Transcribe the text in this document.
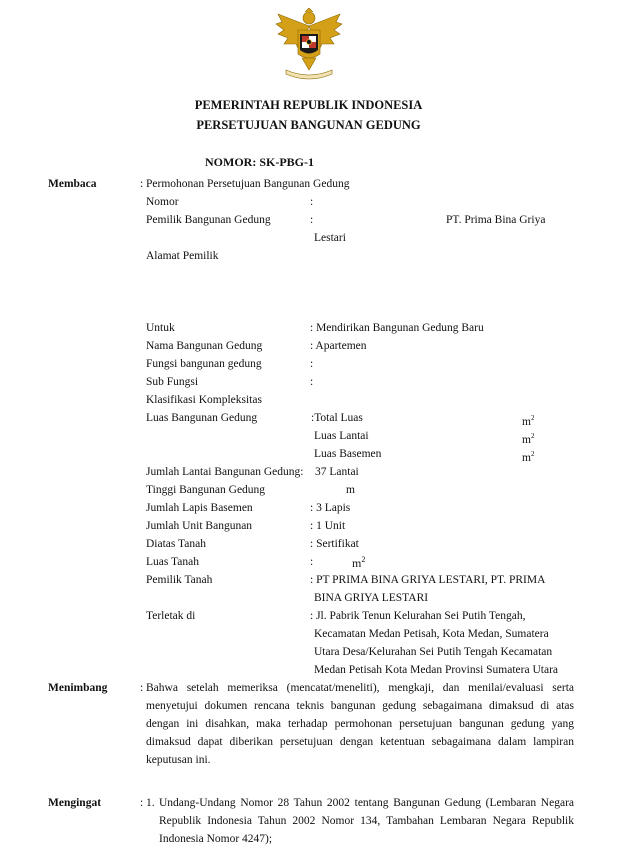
PEMERINTAH REPUBLIK INDONESIA
PERSETUJUAN BANGUNAN GEDUNG
NOMOR: SK-PBG-1
Membaca	: Permohonan Persetujuan Bangunan Gedung
Nomor	:
Pemilik Bangunan Gedung	:	PT. Prima Bina Griya
Lestari
Alamat Pemilik
Untuk	: Mendirikan Bangunan Gedung Baru
Nama Bangunan Gedung	: Apartemen
Fungsi bangunan gedung	:
Sub Fungsi	:
Klasifikasi Kompleksitas
Luas Bangunan Gedung	:Total Luas	$m^2$
Luas Lantai	$m^2$
Luas Basemen	$m^2$
Jumlah Lantai Bangunan Gedung: 37 Lantai
Tinggi Bangunan Gedung	m
Jumlah Lapis Basemen	: 3 Lapis
Jumlah Unit Bangunan	: 1 Unit
Diatas Tanah	: Sertifikat
Luas Tanah	:	$m^2$
Pemilik Tanah	: PT PRIMA BINA GRIYA LESTARI, PT. PRIMA
BINA GRIYA LESTARI
Terletak di	: Jl. Pabrik Tenun Kelurahan Sei Putih Tengah,
Kecamatan Medan Petisah, Kota Medan, Sumatera
Utara Desa/Kelurahan Sei Putih Tengah Kecamatan
Medan Petisah Kota Medan Provinsi Sumatera Utara
Menimbang	: Bahwa setelah memeriksa (mencatat/meneliti), mengkaji, dan menilai/evaluasi serta menyetujui dokumen rencana teknis bangunan gedung sebagaimana dimaksud di atas dengan ini disahkan, maka terhadap permohonan persetujuan bangunan gedung yang dimaksud dapat diberikan persetujuan dengan ketentuan sebagaimana dalam lampiran keputusan ini.
Mengingat	: 1. Undang-Undang Nomor 28 Tahun 2002 tentang Bangunan Gedung (Lembaran Negara Republik Indonesia Tahun 2002 Nomor 134, Tambahan Lembaran Negara Republik Indonesia Nomor 4247);
